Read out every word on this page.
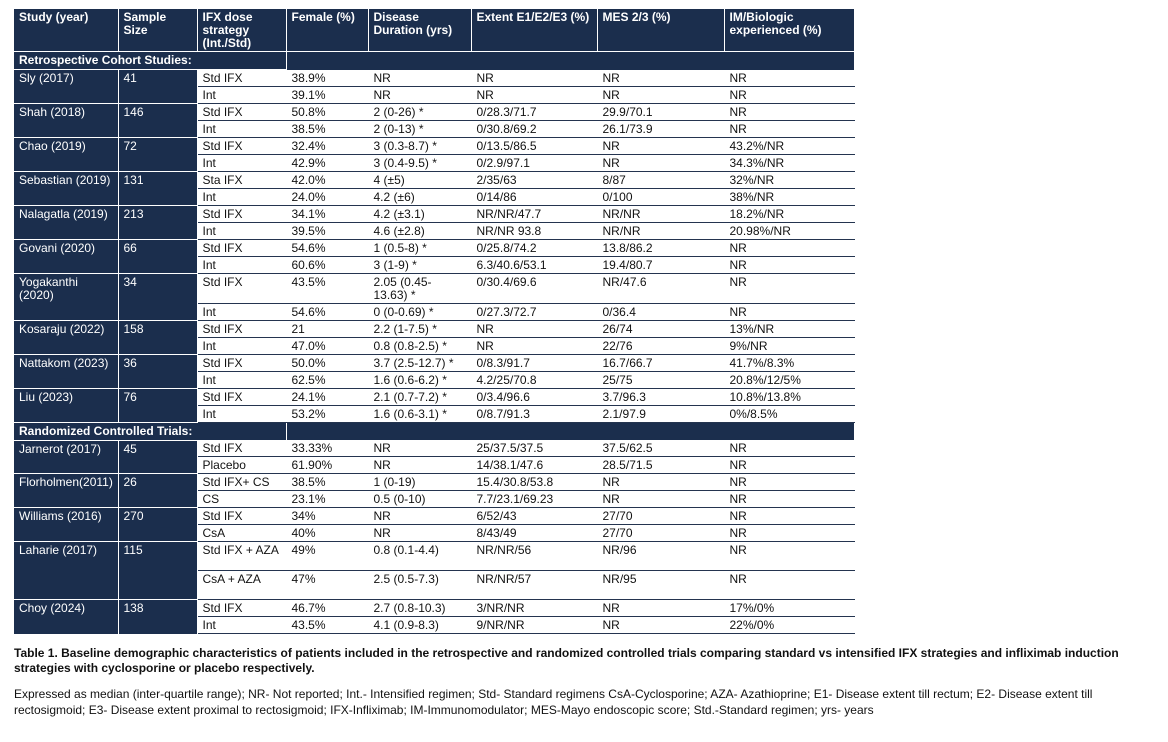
Study (year)	Sample Size	IFX dose strategy (Int./Std)	Female (%)	Disease Duration (yrs)	Extent E1/E2/E3 (%)	MES 2/3 (%)	IM/Biologic experienced (%)
Retrospective Cohort Studies:							
Sly (2017)	41	Std IFX	38.9%	NR	NR	NR	NR
		Int	39.1%	NR	NR	NR	NR
Shah (2018)	146	Std IFX	50.8%	2 (0-26) *	0/28.3/71.7	29.9/70.1	NR
		Int	38.5%	2 (0-13) *	0/30.8/69.2	26.1/73.9	NR
Chao (2019)	72	Std IFX	32.4%	3 (0.3-8.7) *	0/13.5/86.5	NR	43.2%/NR
		Int	42.9%	3 (0.4-9.5) *	0/2.9/97.1	NR	34.3%/NR
Sebastian (2019)	131	Sta IFX	42.0%	4 (±5)	2/35/63	8/87	32%/NR
		Int	24.0%	4.2 (±6)	0/14/86	0/100	38%/NR
Nalagatla (2019)	213	Std IFX	34.1%	4.2 (±3.1)	NR/NR/47.7	NR/NR	18.2%/NR
		Int	39.5%	4.6 (±2.8)	NR/NR 93.8	NR/NR	20.98%/NR
Govani (2020)	66	Std IFX	54.6%	1 (0.5-8) *	0/25.8/74.2	13.8/86.2	NR
		Int	60.6%	3 (1-9) *	6.3/40.6/53.1	19.4/80.7	NR
Yogakanthi (2020)	34	Std IFX	43.5%	2.05 (0.45-13.63) *	0/30.4/69.6	NR/47.6	NR
		Int	54.6%	0 (0-0.69) *	0/27.3/72.7	0/36.4	NR
Kosaraju (2022)	158	Std IFX	21	2.2 (1-7.5) *	NR	26/74	13%/NR
		Int	47.0%	0.8 (0.8-2.5) *	NR	22/76	9%/NR
Nattakom (2023)	36	Std IFX	50.0%	3.7 (2.5-12.7) *	0/8.3/91.7	16.7/66.7	41.7%/8.3%
		Int	62.5%	1.6 (0.6-6.2) *	4.2/25/70.8	25/75	20.8%/12/5%
Liu (2023)	76	Std IFX	24.1%	2.1 (0.7-7.2) *	0/3.4/96.6	3.7/96.3	10.8%/13.8%
		Int	53.2%	1.6 (0.6-3.1) *	0/8.7/91.3	2.1/97.9	0%/8.5%
Randomized Controlled Trials:							
Jarnerot (2017)	45	Std IFX	33.33%	NR	25/37.5/37.5	37.5/62.5	NR
		Placebo	61.90%	NR	14/38.1/47.6	28.5/71.5	NR
Florholmen(2011)	26	Std IFX+ CS	38.5%	1 (0-19)	15.4/30.8/53.8	NR	NR
		CS	23.1%	0.5 (0-10)	7.7/23.1/69.23	NR	NR
Williams (2016)	270	Std IFX	34%	NR	6/52/43	27/70	NR
		CsA	40%	NR	8/43/49	27/70	NR
Laharie (2017)	115	Std IFX + AZA	49%	0.8 (0.1-4.4)	NR/NR/56	NR/96	NR
		CsA + AZA	47%	2.5 (0.5-7.3)	NR/NR/57	NR/95	NR
Choy (2024)	138	Std IFX	46.7%	2.7 (0.8-10.3)	3/NR/NR	NR	17%/0%
		Int	43.5%	4.1 (0.9-8.3)	9/NR/NR	NR	22%/0%

Table 1. Baseline demographic characteristics of patients included in the retrospective and randomized controlled trials comparing standard vs intensified IFX strategies and infliximab induction strategies with cyclosporine or placebo respectively.

Expressed as median (inter-quartile range); NR- Not reported; Int.- Intensified regimen; Std- Standard regimens CsA-Cyclosporine; AZA- Azathioprine; E1- Disease extent till rectum; E2- Disease extent till rectosigmoid; E3- Disease extent proximal to rectosigmoid; IFX-Infliximab; IM-Immunomodulator; MES-Mayo endoscopic score; Std.-Standard regimen; yrs- years
